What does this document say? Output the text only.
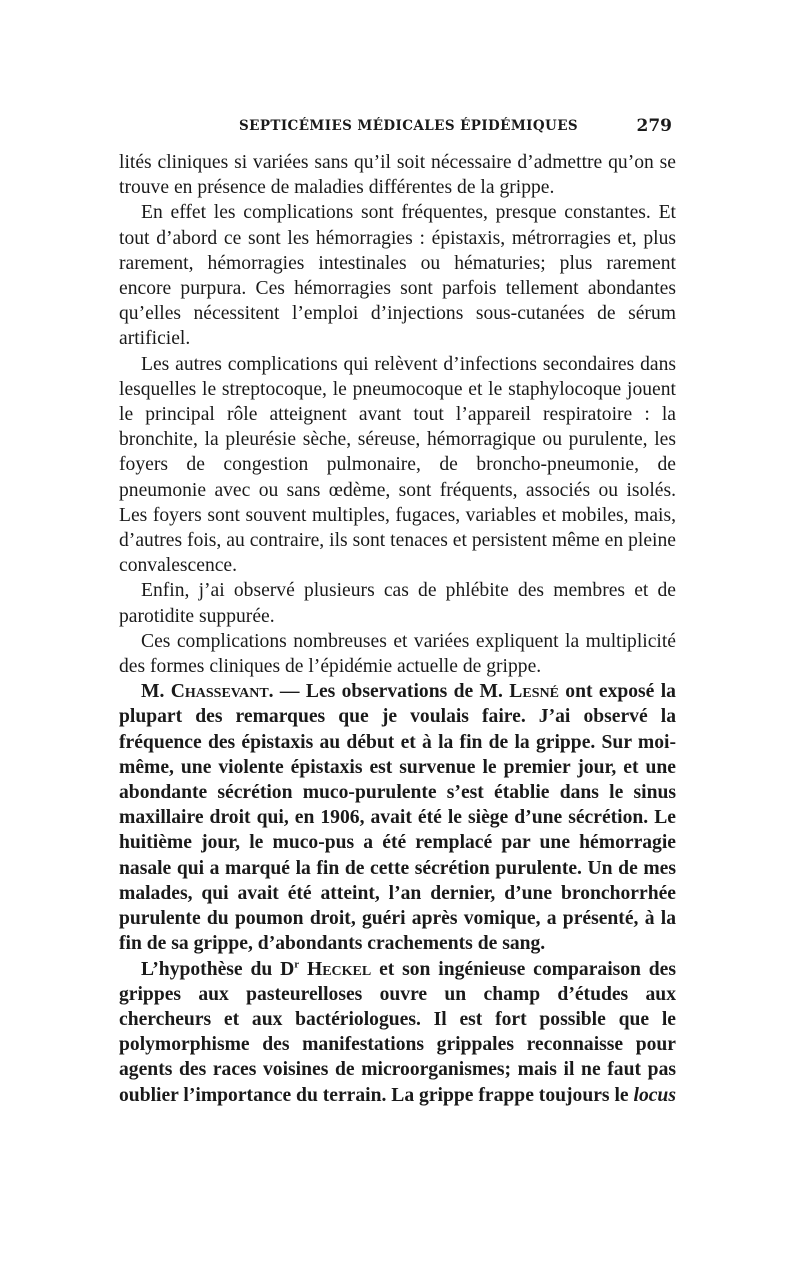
SEPTICÉMIES MÉDICALES ÉPIDÉMIQUES	279

lités cliniques si variées sans qu’il soit nécessaire d’admettre qu’on se trouve en présence de maladies différentes de la grippe.

En effet les complications sont fréquentes, presque constantes. Et tout d’abord ce sont les hémorragies : épistaxis, métrorragies et, plus rarement, hémorragies intestinales ou hématuries; plus rarement encore purpura. Ces hémorragies sont parfois tellement abondantes qu’elles nécessitent l’emploi d’injections sous-cutanées de sérum artificiel.

Les autres complications qui relèvent d’infections secondaires dans lesquelles le streptocoque, le pneumocoque et le staphylocoque jouent le principal rôle atteignent avant tout l’appareil respiratoire : la bronchite, la pleurésie sèche, séreuse, hémorragique ou purulente, les foyers de congestion pulmonaire, de broncho-pneumonie, de pneumonie avec ou sans œdème, sont fréquents, associés ou isolés. Les foyers sont souvent multiples, fugaces, variables et mobiles, mais, d’autres fois, au contraire, ils sont tenaces et persistent même en pleine convalescence.

Enfin, j’ai observé plusieurs cas de phlébite des membres et de parotidite suppurée.

Ces complications nombreuses et variées expliquent la multiplicité des formes cliniques de l’épidémie actuelle de grippe.

M. Chassevant. — Les observations de M. Lesné ont exposé la plupart des remarques que je voulais faire. J’ai observé la fréquence des épistaxis au début et à la fin de la grippe. Sur moi-même, une violente épistaxis est survenue le premier jour, et une abondante sécrétion muco-purulente s’est établie dans le sinus maxillaire droit qui, en 1906, avait été le siège d’une sécrétion. Le huitième jour, le muco-pus a été remplacé par une hémorragie nasale qui a marqué la fin de cette sécrétion purulente. Un de mes malades, qui avait été atteint, l’an dernier, d’une bronchorrhée purulente du poumon droit, guéri après vomique, a présenté, à la fin de sa grippe, d’abondants crachements de sang.

L’hypothèse du $D^r$ Heckel et son ingénieuse comparaison des grippes aux pasteurelloses ouvre un champ d’études aux chercheurs et aux bactériologues. Il est fort possible que le polymorphisme des manifestations grippales reconnaisse pour agents des races voisines de microorganismes; mais il ne faut pas oublier l’importance du terrain. La grippe frappe toujours le locus
